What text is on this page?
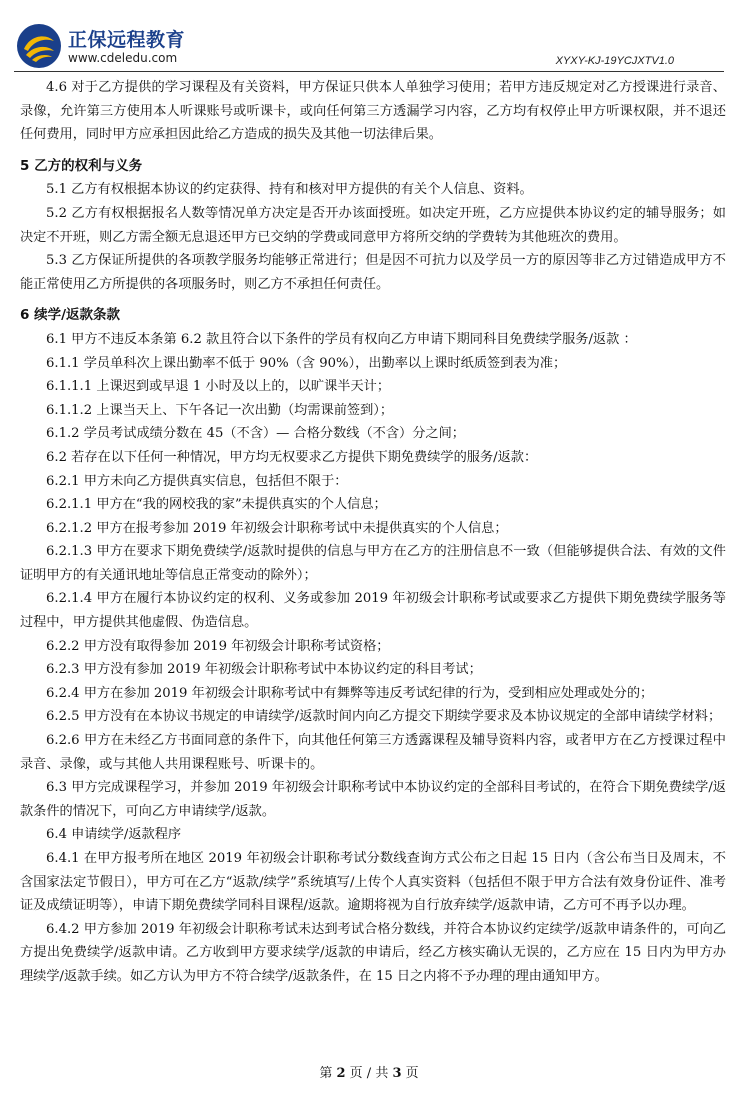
正保远程教育
www.cdeledu.com	XYXY-KJ-19YCJXTV1.0

4.6 对于乙方提供的学习课程及有关资料，甲方保证只供本人单独学习使用；若甲方违反规定对乙方授课进行录音、录像，允许第三方使用本人听课账号或听课卡，或向任何第三方透漏学习内容，乙方均有权停止甲方听课权限，并不退还任何费用，同时甲方应承担因此给乙方造成的损失及其他一切法律后果。

5 乙方的权利与义务

5.1 乙方有权根据本协议的约定获得、持有和核对甲方提供的有关个人信息、资料。

5.2 乙方有权根据报名人数等情况单方决定是否开办该面授班。如决定开班，乙方应提供本协议约定的辅导服务；如决定不开班，则乙方需全额无息退还甲方已交纳的学费或同意甲方将所交纳的学费转为其他班次的费用。

5.3 乙方保证所提供的各项教学服务均能够正常进行；但是因不可抗力以及学员一方的原因等非乙方过错造成甲方不能正常使用乙方所提供的各项服务时，则乙方不承担任何责任。

6 续学/返款条款

6.1 甲方不违反本条第 6.2 款且符合以下条件的学员有权向乙方申请下期同科目免费续学服务/返款 ：

6.1.1 学员单科次上课出勤率不低于 90%（含 90%），出勤率以上课时纸质签到表为准；

6.1.1.1 上课迟到或早退 1 小时及以上的，以旷课半天计；

6.1.1.2 上课当天上、下午各记一次出勤（均需课前签到）；

6.1.2 学员考试成绩分数在 45（不含）— 合格分数线（不含）分之间；

6.2 若存在以下任何一种情况，甲方均无权要求乙方提供下期免费续学的服务/返款：

6.2.1 甲方未向乙方提供真实信息，包括但不限于：

6.2.1.1 甲方在“我的网校我的家”未提供真实的个人信息；

6.2.1.2 甲方在报考参加 2019 年初级会计职称考试中未提供真实的个人信息；

6.2.1.3 甲方在要求下期免费续学/返款时提供的信息与甲方在乙方的注册信息不一致（但能够提供合法、有效的文件证明甲方的有关通讯地址等信息正常变动的除外）；

6.2.1.4 甲方在履行本协议约定的权利、义务或参加 2019 年初级会计职称考试或要求乙方提供下期免费续学服务等过程中，甲方提供其他虚假、伪造信息。

6.2.2 甲方没有取得参加 2019 年初级会计职称考试资格；

6.2.3 甲方没有参加 2019 年初级会计职称考试中本协议约定的科目考试；

6.2.4 甲方在参加 2019 年初级会计职称考试中有舞弊等违反考试纪律的行为，受到相应处理或处分的；

6.2.5 甲方没有在本协议书规定的申请续学/返款时间内向乙方提交下期续学要求及本协议规定的全部申请续学材料；

6.2.6 甲方在未经乙方书面同意的条件下，向其他任何第三方透露课程及辅导资料内容，或者甲方在乙方授课过程中录音、录像，或与其他人共用课程账号、听课卡的。

6.3 甲方完成课程学习，并参加 2019 年初级会计职称考试中本协议约定的全部科目考试的，在符合下期免费续学/返款条件的情况下，可向乙方申请续学/返款。

6.4 申请续学/返款程序

6.4.1 在甲方报考所在地区 2019 年初级会计职称考试分数线查询方式公布之日起 15 日内（含公布当日及周末，不含国家法定节假日），甲方可在乙方“返款/续学”系统填写/上传个人真实资料（包括但不限于甲方合法有效身份证件、准考证及成绩证明等），申请下期免费续学同科目课程/返款。逾期将视为自行放弃续学/返款申请，乙方可不再予以办理。

6.4.2 甲方参加 2019 年初级会计职称考试未达到考试合格分数线，并符合本协议约定续学/返款申请条件的，可向乙方提出免费续学/返款申请。乙方收到甲方要求续学/返款的申请后，经乙方核实确认无误的，乙方应在 15 日内为甲方办理续学/返款手续。如乙方认为甲方不符合续学/返款条件，在 15 日之内将不予办理的理由通知甲方。

第 2 页 / 共 3 页
